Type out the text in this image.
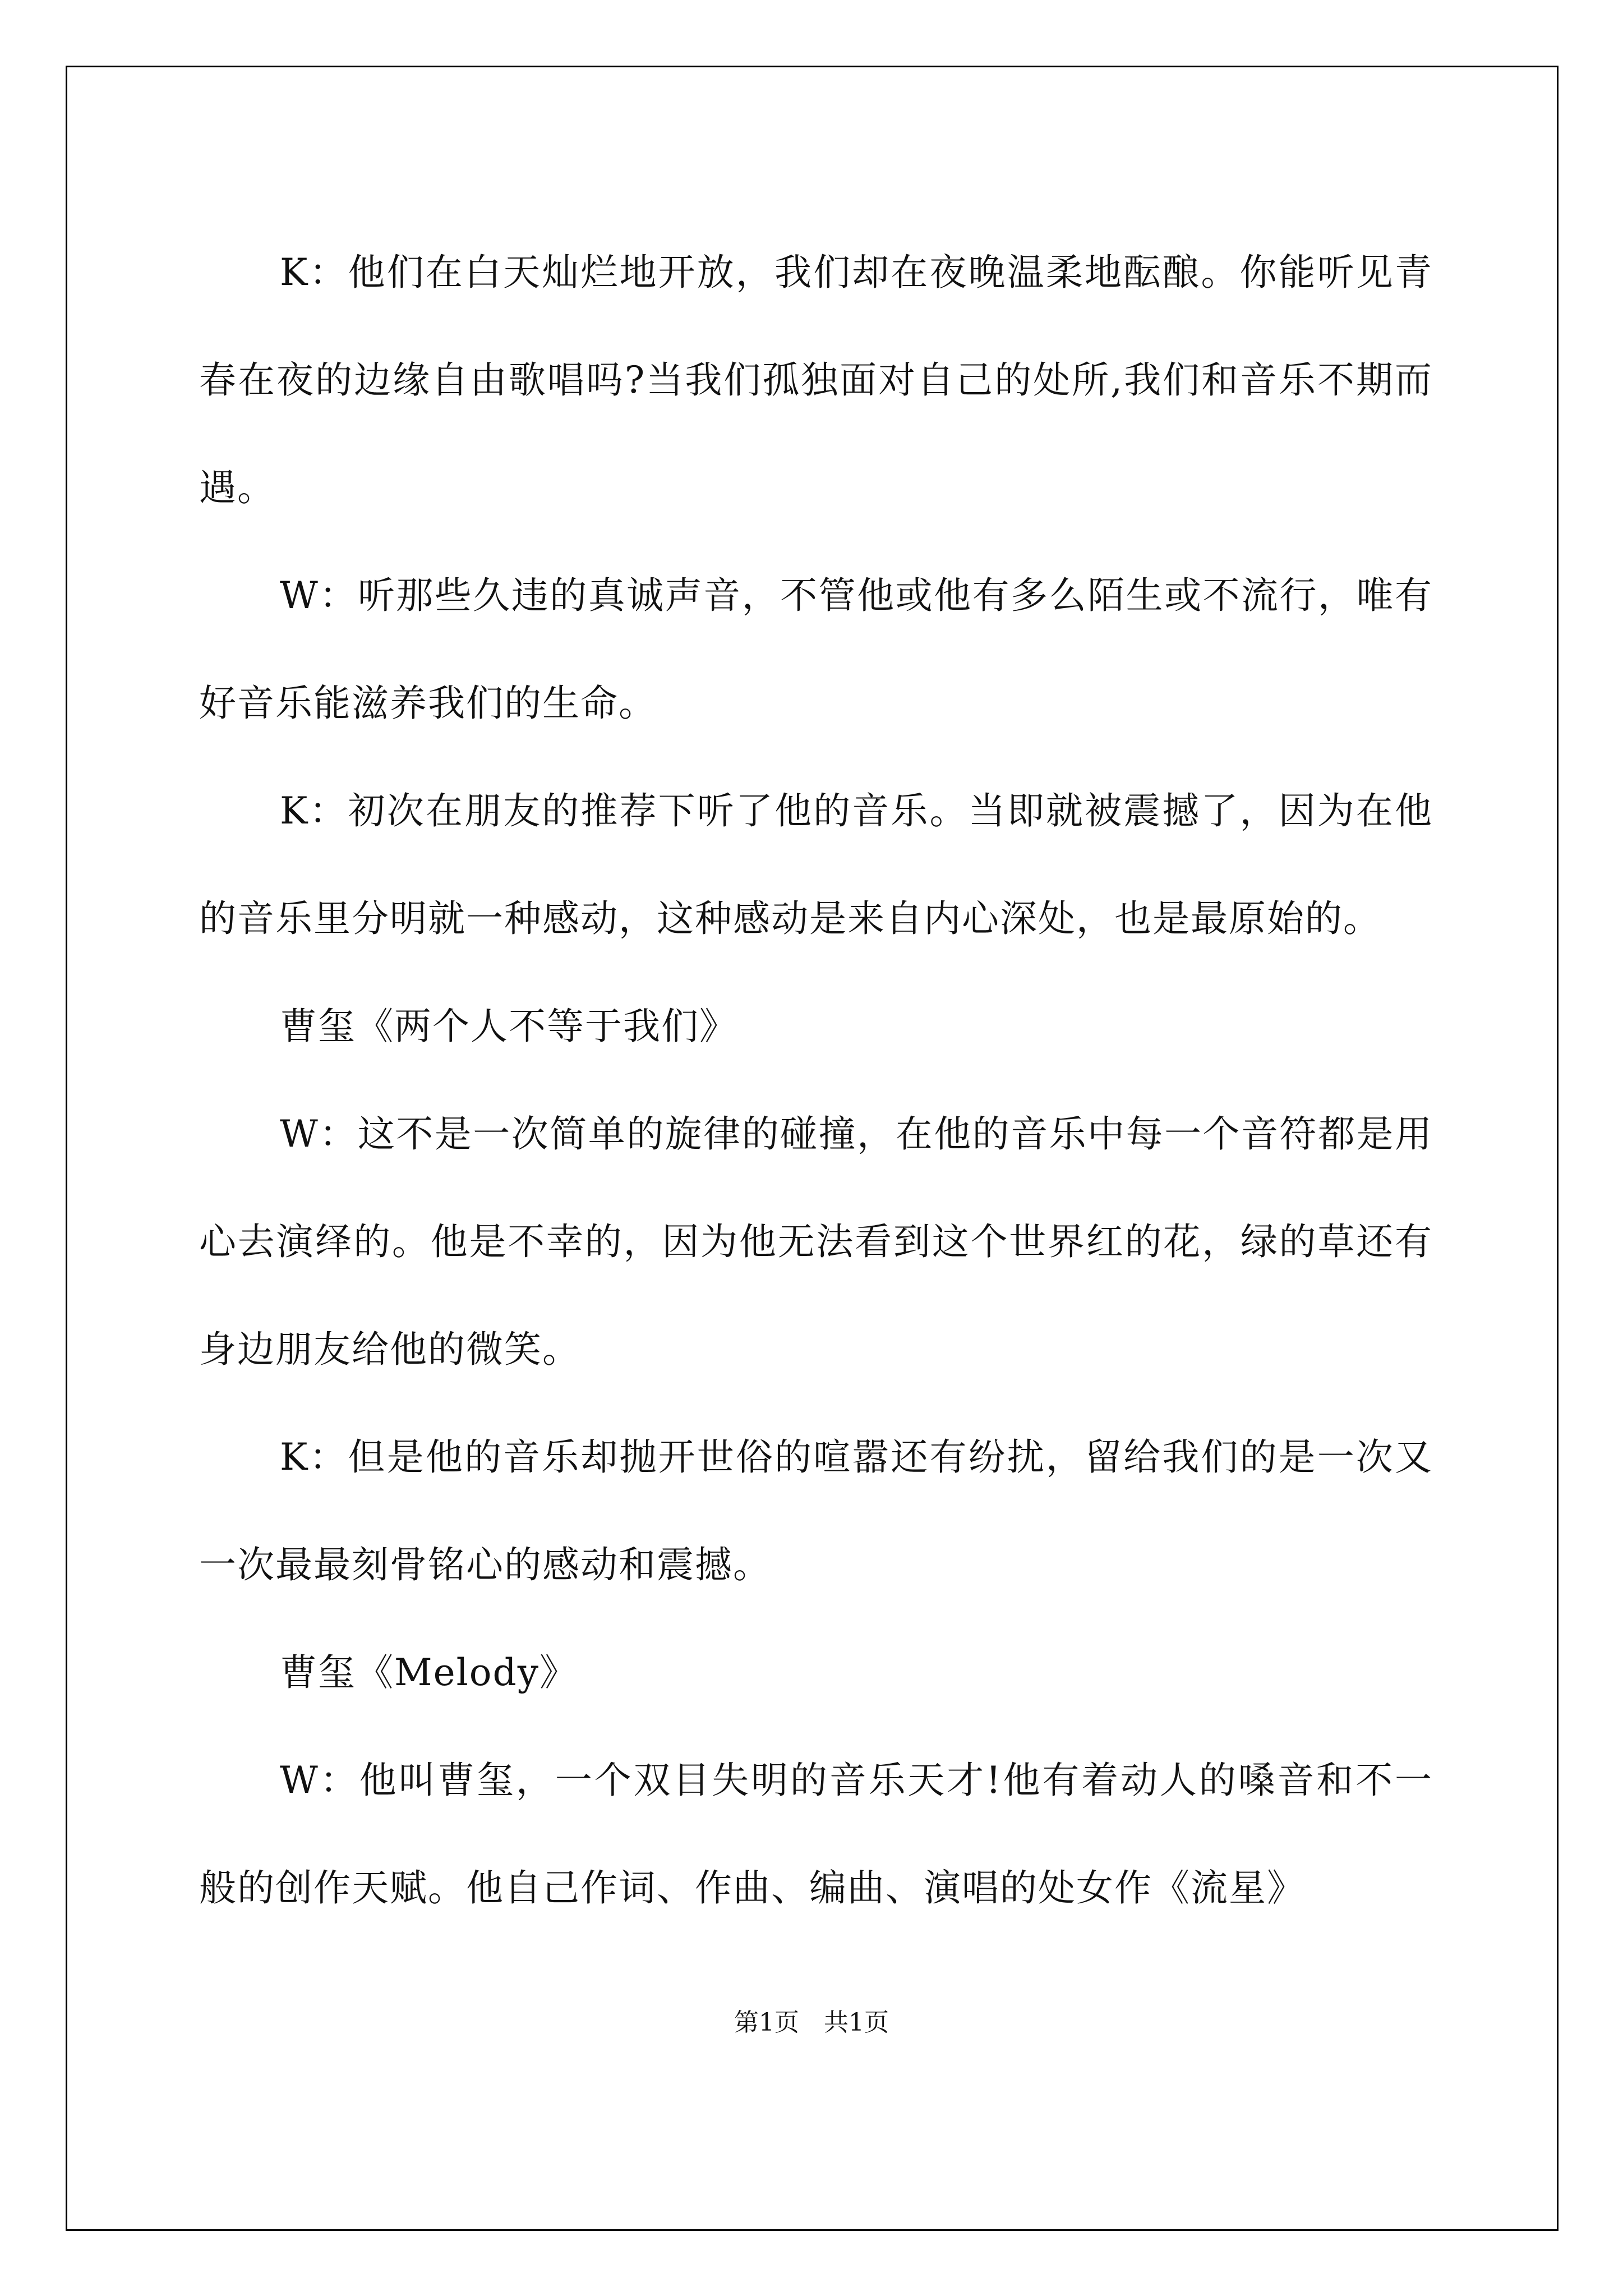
K：他们在白天灿烂地开放，我们却在夜晚温柔地酝酿。你能听见青春在夜的边缘自由歌唱吗?当我们孤独面对自己的处所,我们和音乐不期而遇。

W：听那些久违的真诚声音，不管他或他有多么陌生或不流行，唯有好音乐能滋养我们的生命。

K：初次在朋友的推荐下听了他的音乐。当即就被震撼了，因为在他的音乐里分明就一种感动，这种感动是来自内心深处，也是最原始的。

曹玺《两个人不等于我们》

W：这不是一次简单的旋律的碰撞，在他的音乐中每一个音符都是用心去演绎的。他是不幸的，因为他无法看到这个世界红的花，绿的草还有身边朋友给他的微笑。

K：但是他的音乐却抛开世俗的喧嚣还有纷扰，留给我们的是一次又一次最最刻骨铭心的感动和震撼。

曹玺《Melody》

W：他叫曹玺，一个双目失明的音乐天才!他有着动人的嗓音和不一般的创作天赋。他自己作词、作曲、编曲、演唱的处女作《流星》

第1页　共1页
